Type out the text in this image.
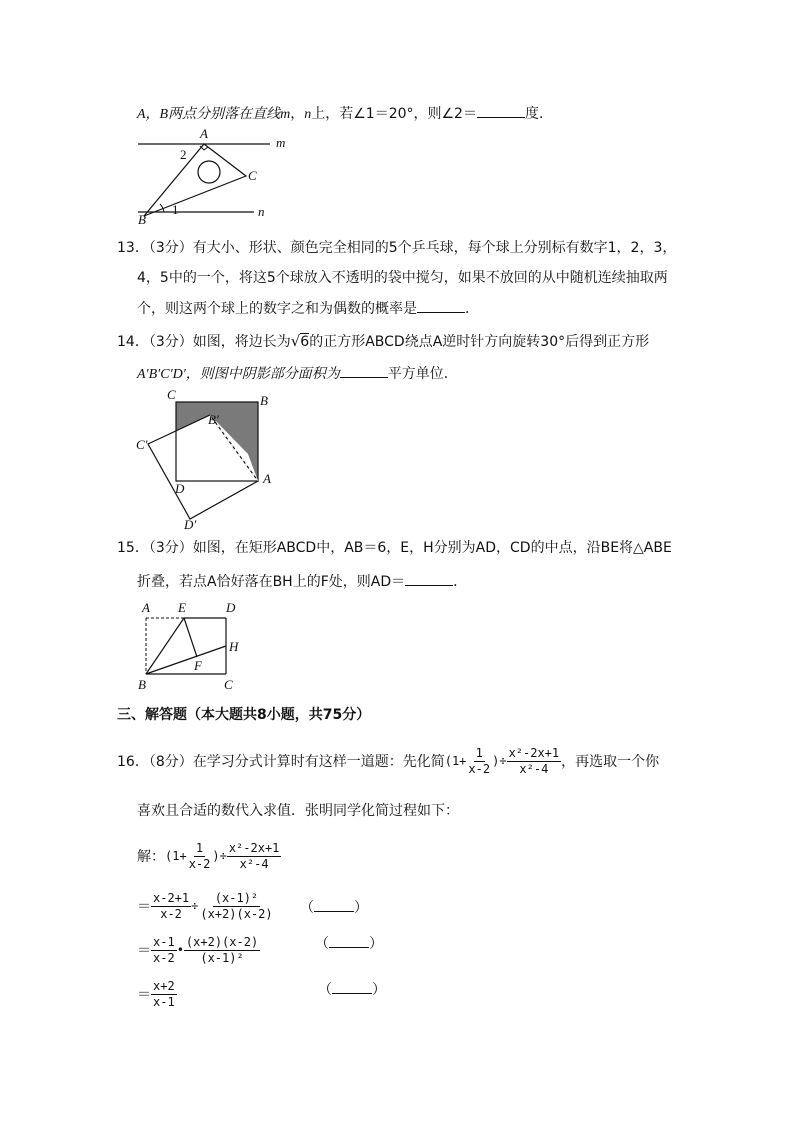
A，B两点分别落在直线m，n上，若∠1＝20°，则∠2＝	度．
A
m
C
2
1
B
n
13．（3分）有大小、形状、颜色完全相同的5个乒乓球，每个球上分别标有数字1，2，3，
4，5中的一个，将这5个球放入不透明的袋中搅匀，如果不放回的从中随机连续抽取两
个，则这两个球上的数字之和为偶数的概率是	．
14．（3分）如图，将边长为√6的正方形ABCD绕点A逆时针方向旋转30°后得到正方形
A′B′C′D′，则图中阴影部分面积为	平方单位．
C	B
B′
C′
D
A
D′
15．（3分）如图，在矩形ABCD中，AB＝6，E，H分别为AD，CD的中点，沿BE将△ABE
折叠，若点A恰好落在BH上的F处，则AD＝	．
A E	D
H
F
B	C
三、解答题（本大题共8小题，共75分）
16．（8分）在学习分式计算时有这样一道题：先化简 ($1+ \frac{1}{x-2}$ )÷ $\frac{\text{x²-2x+1}}{\text{x²-4}}$ ，再选取一个你
喜欢且合适的数代入求值．张明同学化简过程如下：
解： ($1+ \frac{1}{x-2}$ )÷ $\frac{\text{x²-2x+1}}{\text{x²-4}}$
＝ $\frac{x-2+1}{x-2} \div \frac{\text{(x-1)²}}{(x+2)(x-2)}$ （	）
＝ $\frac{x-1}{x-2}$ • $\frac{(x+2)(x-2)}{\text{(x-1)²}}$	（	）
＝ $\frac{x+2}{x-1}$	（	）
